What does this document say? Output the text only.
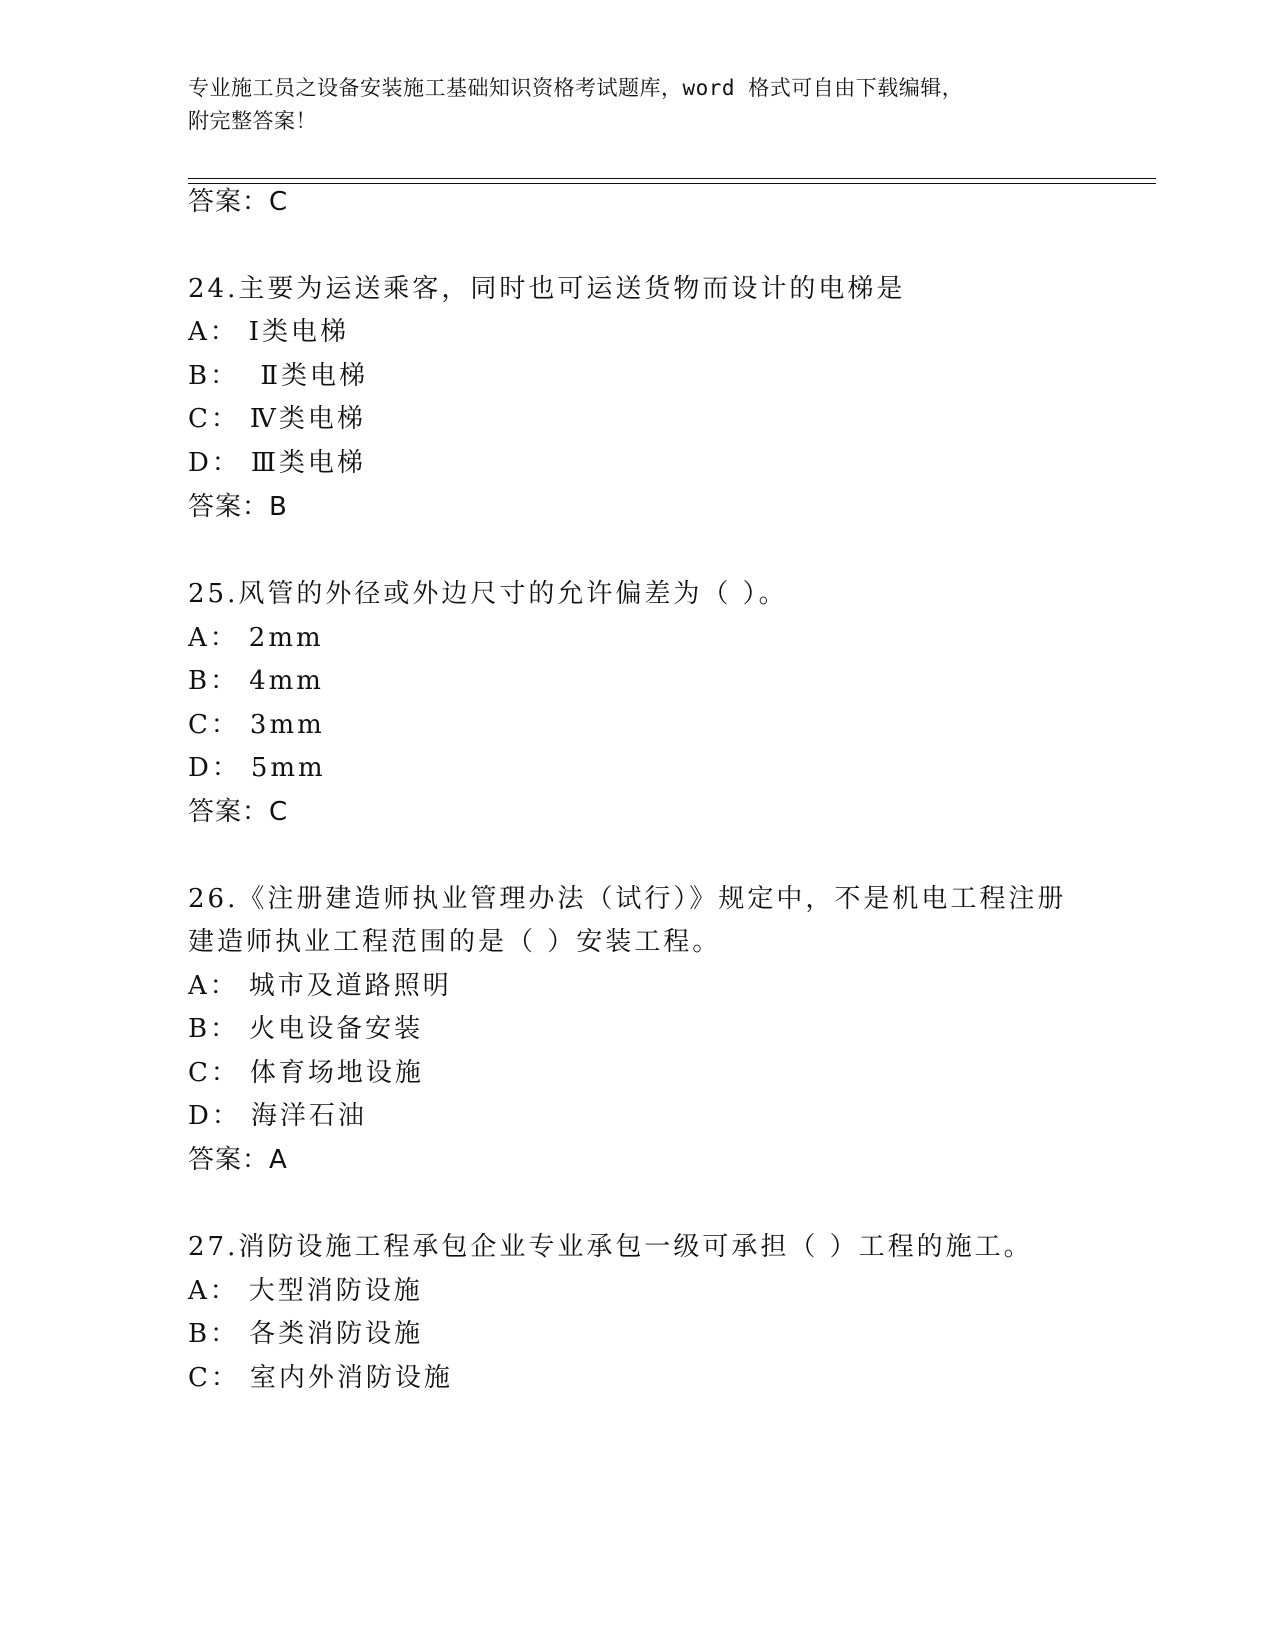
专业施工员之设备安装施工基础知识资格考试题库，word 格式可自由下载编辑，
附完整答案！
答案：C
24.主要为运送乘客，同时也可运送货物而设计的电梯是
A： Ⅰ类电梯
B： Ⅱ类电梯
C： Ⅳ类电梯
D： Ⅲ类电梯
答案：B
25.风管的外径或外边尺寸的允许偏差为（ ）。
A： 2mm
B： 4mm
C： 3mm
D： 5mm
答案：C
26.《注册建造师执业管理办法（试行）》规定中，不是机电工程注册
建造师执业工程范围的是（ ）安装工程。
A： 城市及道路照明
B： 火电设备安装
C： 体育场地设施
D： 海洋石油
答案：A
27.消防设施工程承包企业专业承包一级可承担（ ）工程的施工。
A： 大型消防设施
B： 各类消防设施
C： 室内外消防设施
